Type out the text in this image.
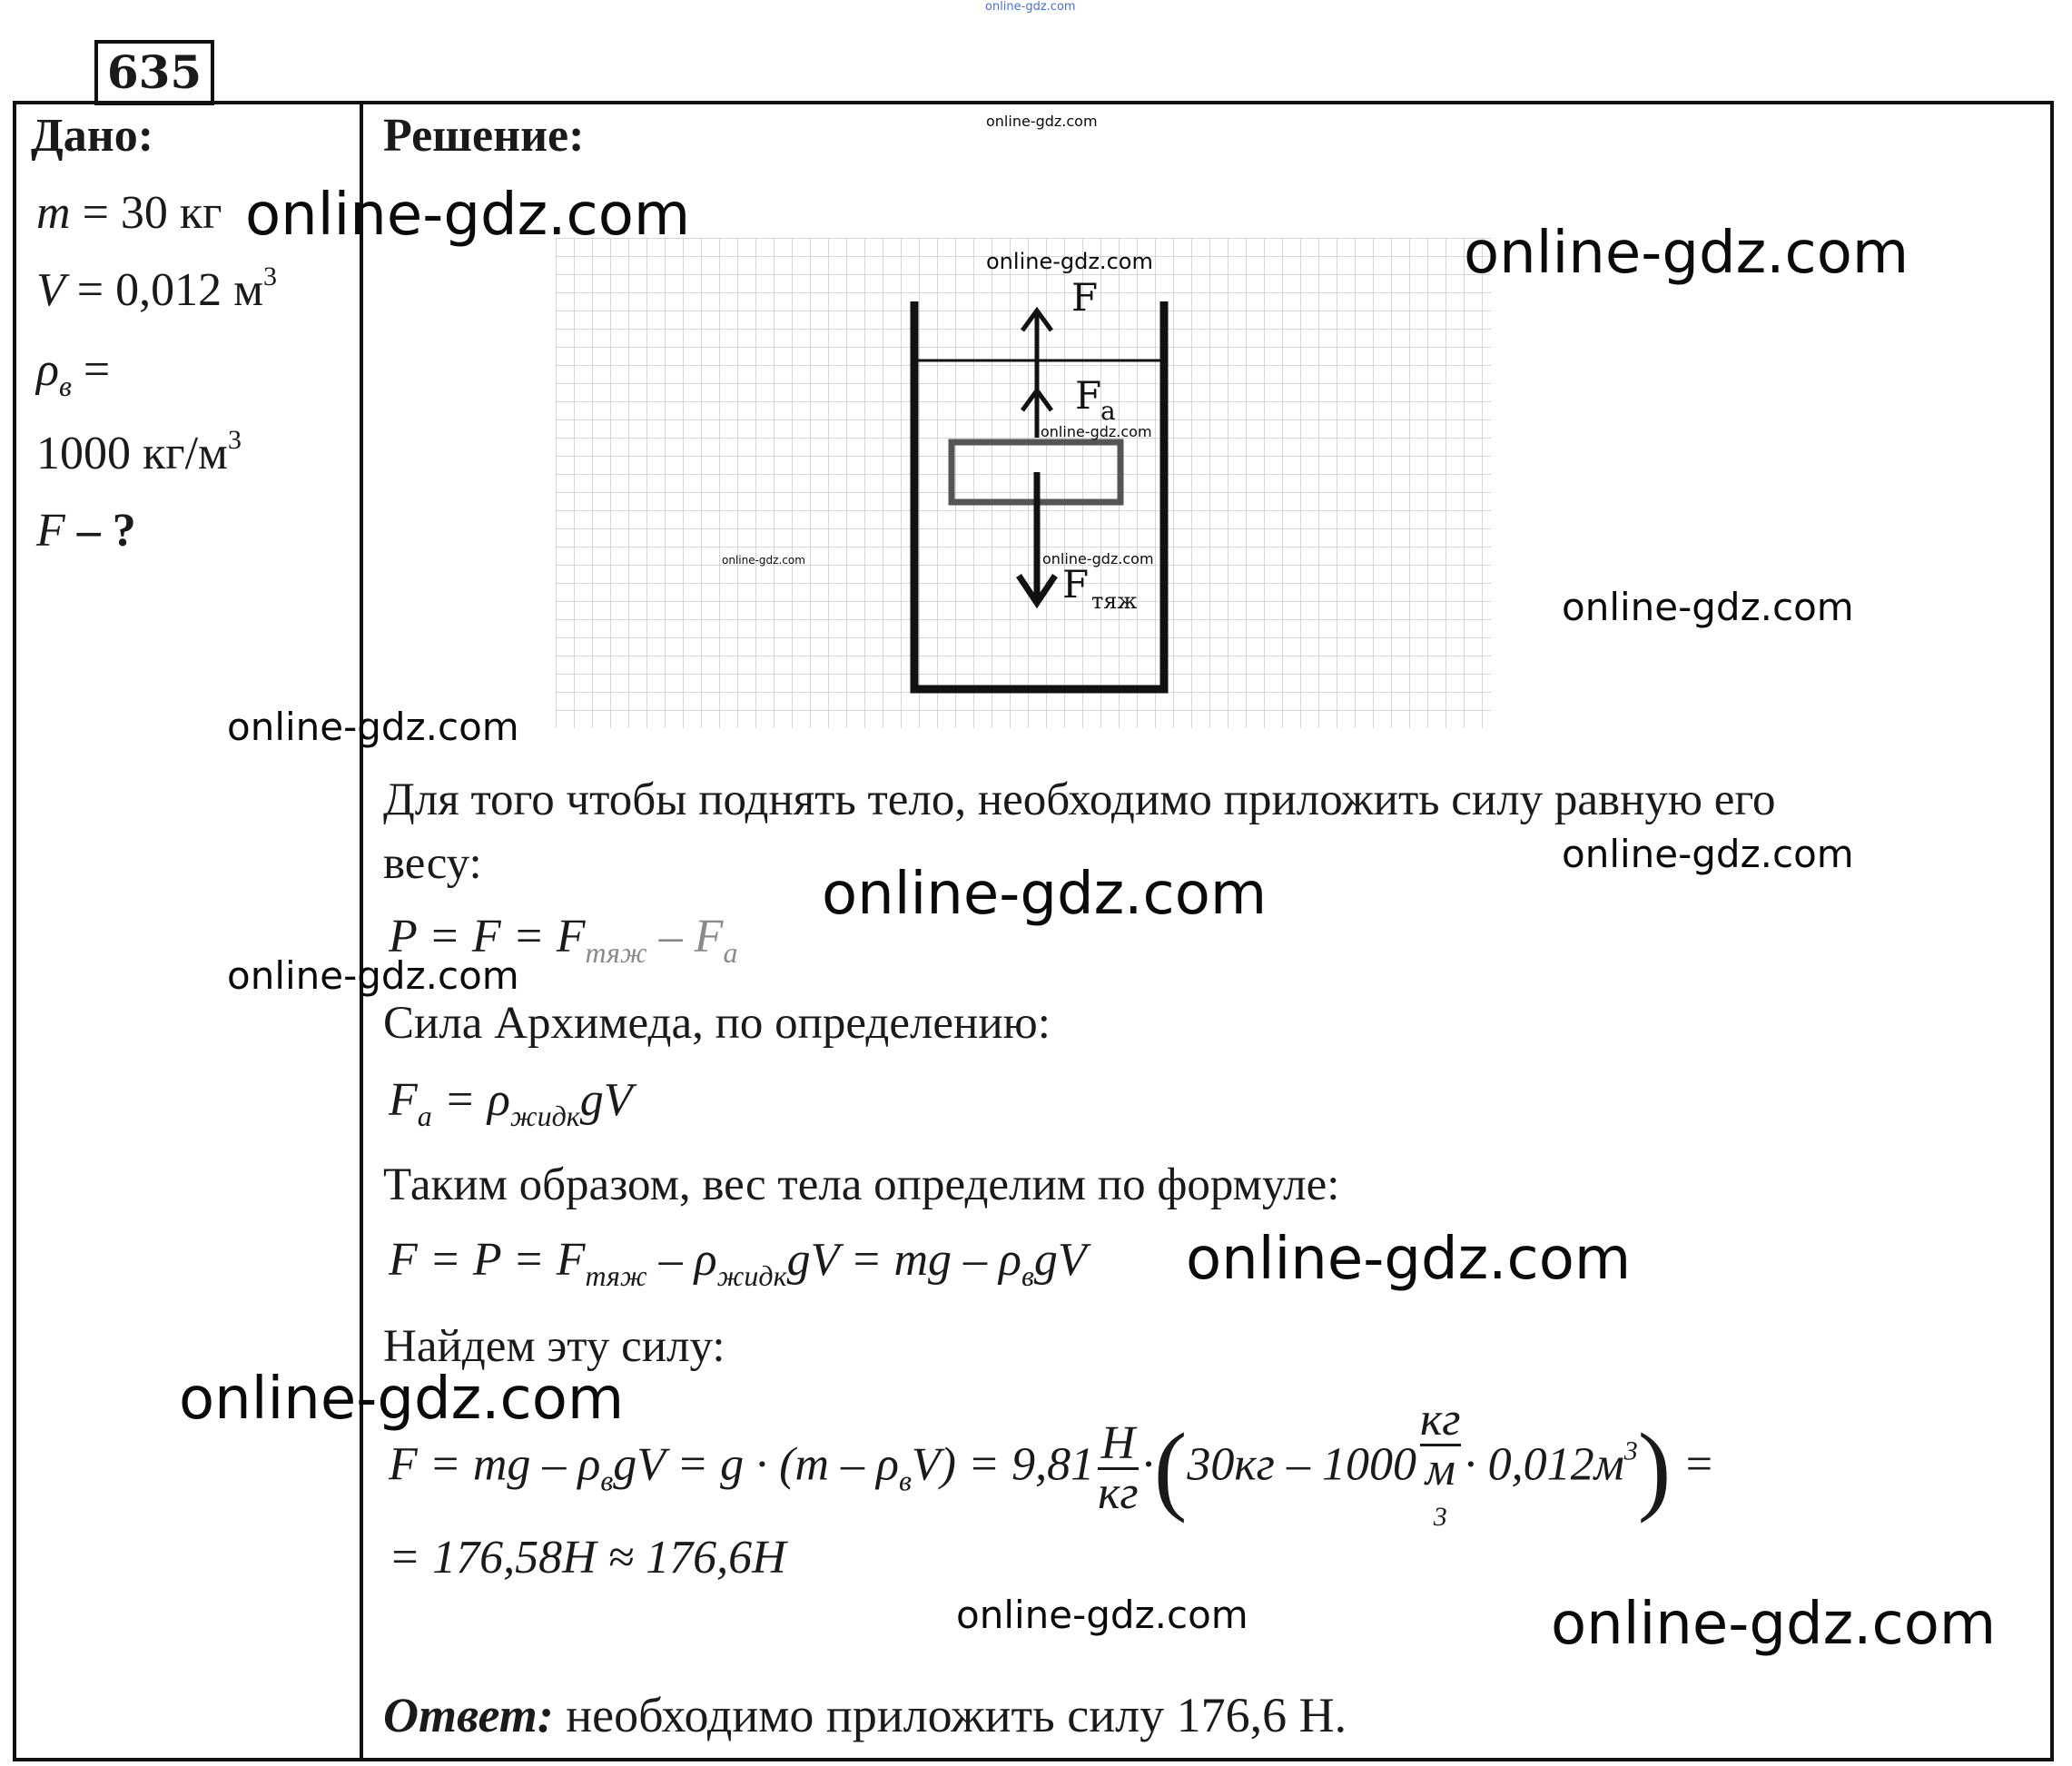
635
online-gdz.com
Дано:
m = 30 кг
V = 0,012 $м^3$
$\rho_в$ =
1000 $кг/м^3$
F – ?
Решение:
F
F
a
F тяж
Для того чтобы поднять тело, необходимо приложить силу равную его
весу:
$P = F = F_{тяж} - F_a$
Сила Архимеда, по определению:
$F_a = \rho_{жидк}gV$
Таким образом, вес тела определим по формуле:
$F = P = F_{тяж} - \rho_{жидк}gV$ = mg – $\rho_вgV$
Найдем эту силу:
F = mg – $\rho_вgV = g \cdot (m - \rho_вV) = 9,81 \frac{Н}{кг} \cdot(30кг - 1000$ кг
м
$3 \cdot 0,012м^3$) =
= 176,58Н ≈ 176,6Н
Ответ: необходимо приложить силу 176,6 Н.
online-gdz.com
online-gdz.com
online-gdz.com
online-gdz.com
online-gdz.com
online-gdz.com
online-gdz.com
online-gdz.com
online-gdz.com
online-gdz.com
online-gdz.com
online-gdz.com
online-gdz.com
online-gdz.com
online-gdz.com	online-gdz.com
